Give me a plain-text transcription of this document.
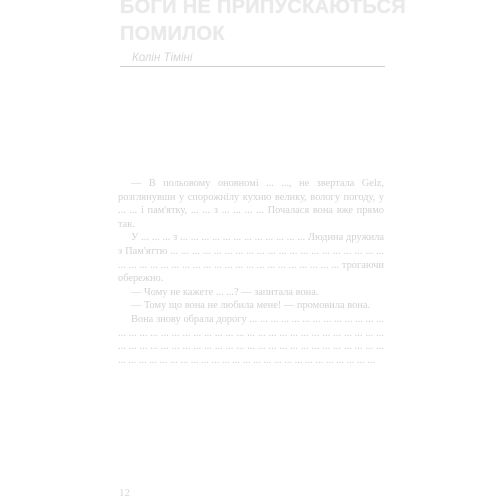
БОГИ НЕ ПРИПУСКАЮТЬСЯ
ПОМИЛОК
Колін Тіміні

— В польовому оновномі ... ..., не звертала Gelz, розглянувши у спорожнілу кухню велику, вологу погоду, у ... ... і пам'ятку, ... ... з ... ... ... ... Почалася вона вже прямо так.

У ... ... ... з ... ... ... ... ... ... ... ... ... ... ... ... Людина дружила з Пам'яттю ... ... ... ... ... ... ... ... ... ... ... ... ... ... ... ... ... ... ... ... ... ... ... ... ... ... ... ... ... ... ... ... ... ... ... ... ... ... ... ... ... трогаючи обережно.

— Чому не кажете ... ...? — запитала вона.

— Тому що вона не любила мене! — промовила вона.

Вона знову обрала дорогу ... ... ... ... ... ... ... ... ... ... ... ... ... ... ... ... ... ... ... ... ... ... ... ... ... ... ... ... ... ... ... ... ... ... ... ... ... ... ... ... ... ... ... ... ... ... ... ... ... ... ... ... ... ... ... ... ... ... ... ... ... ... ... ... ... ... ... ... ... ... ... ... ... ... ... ... ... ... ... ... ... ... ... ... ... ... ... ...

12
